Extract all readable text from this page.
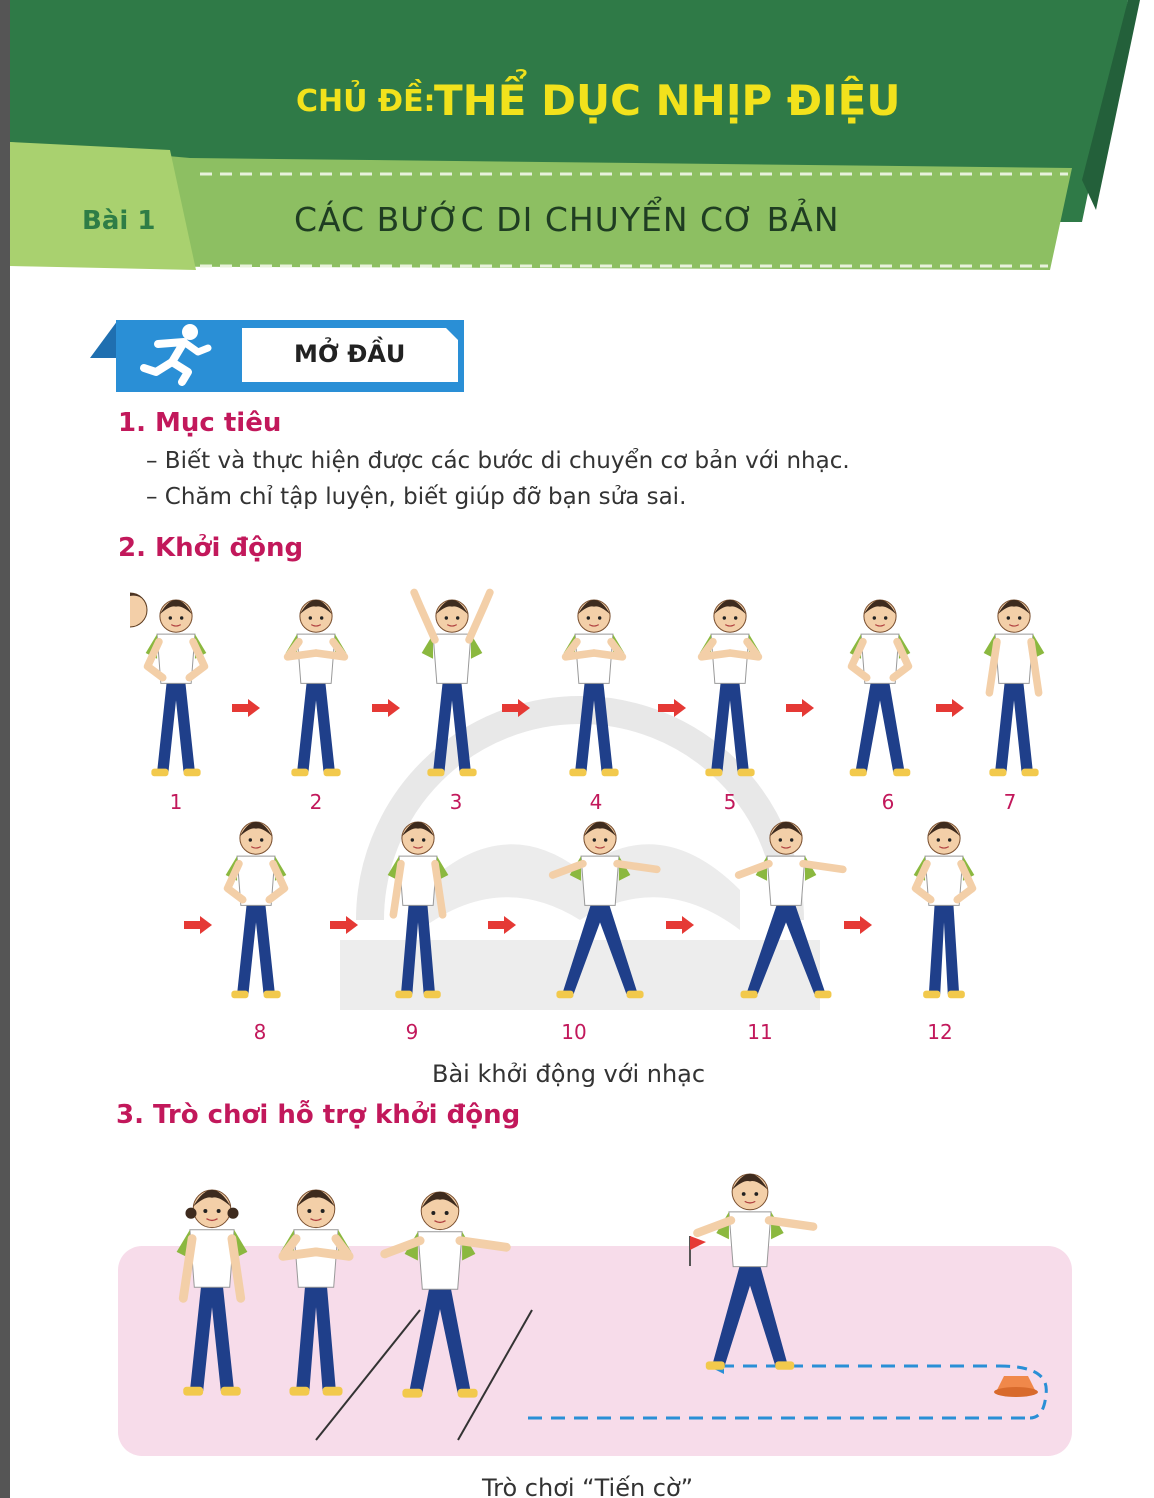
CHỦ ĐỀ:
THỂ DỤC NHỊP ĐIỆU
Bài 1	CÁC BƯỚC DI CHUYỂN CƠ BẢN
MỞ ĐẦU
1. Mục tiêu
– Biết và thực hiện được các bước di chuyển cơ bản với nhạc.
– Chăm chỉ tập luyện, biết giúp đỡ bạn sửa sai.
2. Khởi động
1	2	3	4	5	6	7
8	9	10	11	12
Bài khởi động với nhạc
3. Trò chơi hỗ trợ khởi động
Trò chơi “Tiến cờ”
